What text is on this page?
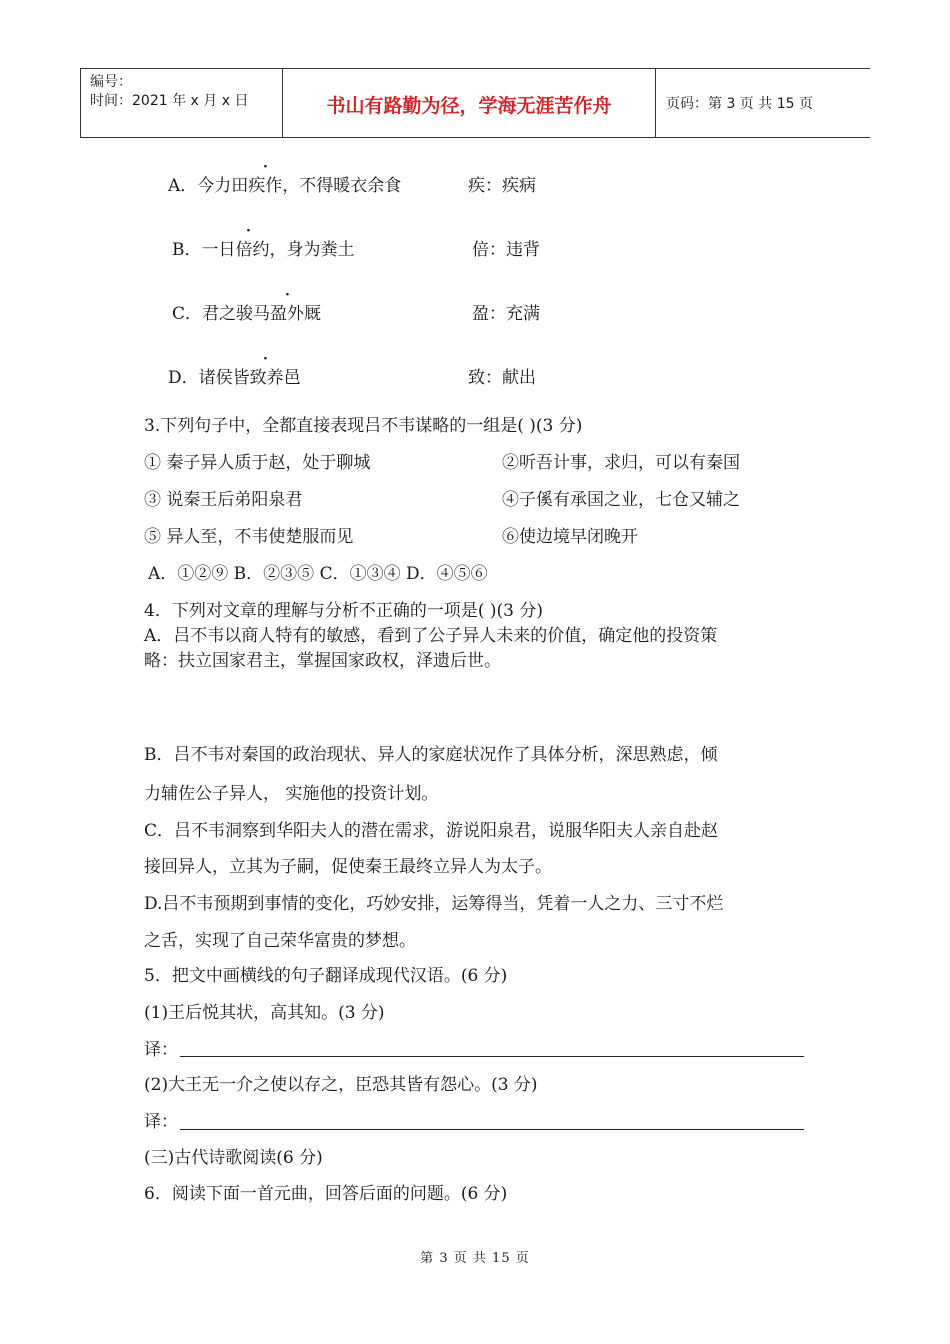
编号：
时间：2021 年 x 月 x 日	书山有路勤为径，学海无涯苦作舟	页码：第 3 页 共 15 页
·
A．今力田疾作，不得暖衣余食	疾：疾病
·
B．一日倍约，身为粪土	倍：违背
·
C．君之骏马盈外厩	盈：充满
·
D．诸侯皆致养邑	致：献出
3.下列句子中，全都直接表现吕不韦谋略的一组是( )(3 分)
① 秦子异人质于赵，处于聊城	②听吾计事，求归，可以有秦国
③ 说秦王后弟阳泉君	④子傒有承国之业，七仓又辅之
⑤ 异人至，不韦使楚服而见	⑥使边境早闭晚开
A．①②⑨ B．②③⑤ C．①③④ D．④⑤⑥
4．下列对文章的理解与分析不正确的一项是( )(3 分)
A．吕不韦以商人特有的敏感，看到了公子异人未来的价值，确定他的投资策
略：扶立国家君主，掌握国家政权，泽遗后世。
B．吕不韦对秦国的政治现状、异人的家庭状况作了具体分析，深思熟虑，倾
力辅佐公子异人， 实施他的投资计划。
C．吕不韦洞察到华阳夫人的潜在需求，游说阳泉君，说服华阳夫人亲自赴赵
接回异人，立其为子嗣，促使秦王最终立异人为太子。
D.吕不韦预期到事情的变化，巧妙安排，运筹得当，凭着一人之力、三寸不烂
之舌，实现了自己荣华富贵的梦想。
5．把文中画横线的句子翻译成现代汉语。(6 分)
(1)王后悦其状，高其知。(3 分)
译：
(2)大王无一介之使以存之，臣恐其皆有怨心。(3 分)
译：
(三)古代诗歌阅读(6 分)
6．阅读下面一首元曲，回答后面的问题。(6 分)
第 3 页 共 15 页
